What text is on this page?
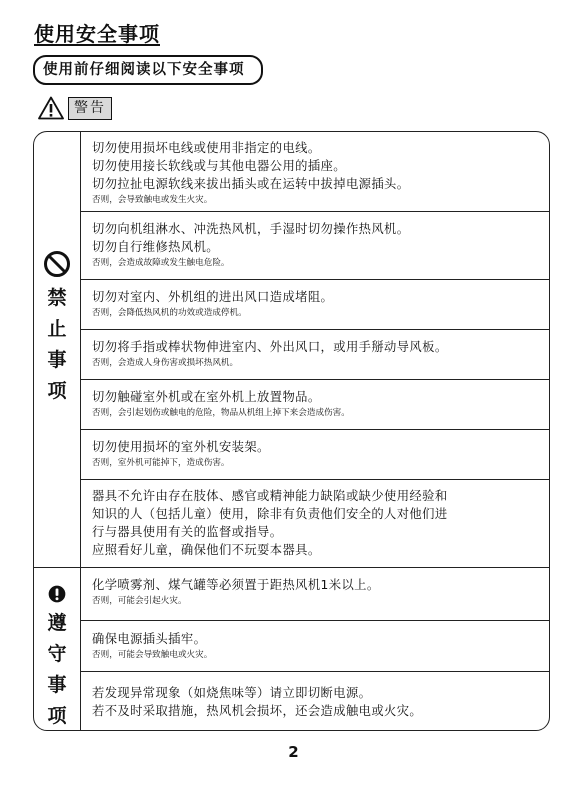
使用安全事项
使用前仔细阅读以下安全事项
警告
禁
止
事
项
遵
守
事
项
切勿使用损坏电线或使用非指定的电线。
切勿使用接长软线或与其他电器公用的插座。
切勿拉扯电源软线来拔出插头或在运转中拔掉电源插头。
否则，会导致触电或发生火灾。
切勿向机组淋水、冲洗热风机，手湿时切勿操作热风机。
切勿自行维修热风机。
否则，会造成故障或发生触电危险。
切勿对室内、外机组的进出风口造成堵阻。
否则，会降低热风机的功效或造成停机。
切勿将手指或棒状物伸进室内、外出风口，或用手掰动导风板。
否则，会造成人身伤害或损坏热风机。
切勿触碰室外机或在室外机上放置物品。
否则，会引起划伤或触电的危险，物品从机组上掉下来会造成伤害。
切勿使用损坏的室外机安装架。
否则，室外机可能掉下，造成伤害。
器具不允许由存在肢体、感官或精神能力缺陷或缺少使用经验和
知识的人（包括儿童）使用，除非有负责他们安全的人对他们进
行与器具使用有关的监督或指导。
应照看好儿童，确保他们不玩耍本器具。
化学喷雾剂、煤气罐等必须置于距热风机1米以上。
否则，可能会引起火灾。
确保电源插头插牢。
否则，可能会导致触电或火灾。
若发现异常现象（如烧焦味等）请立即切断电源。
若不及时采取措施，热风机会损坏，还会造成触电或火灾。
2
